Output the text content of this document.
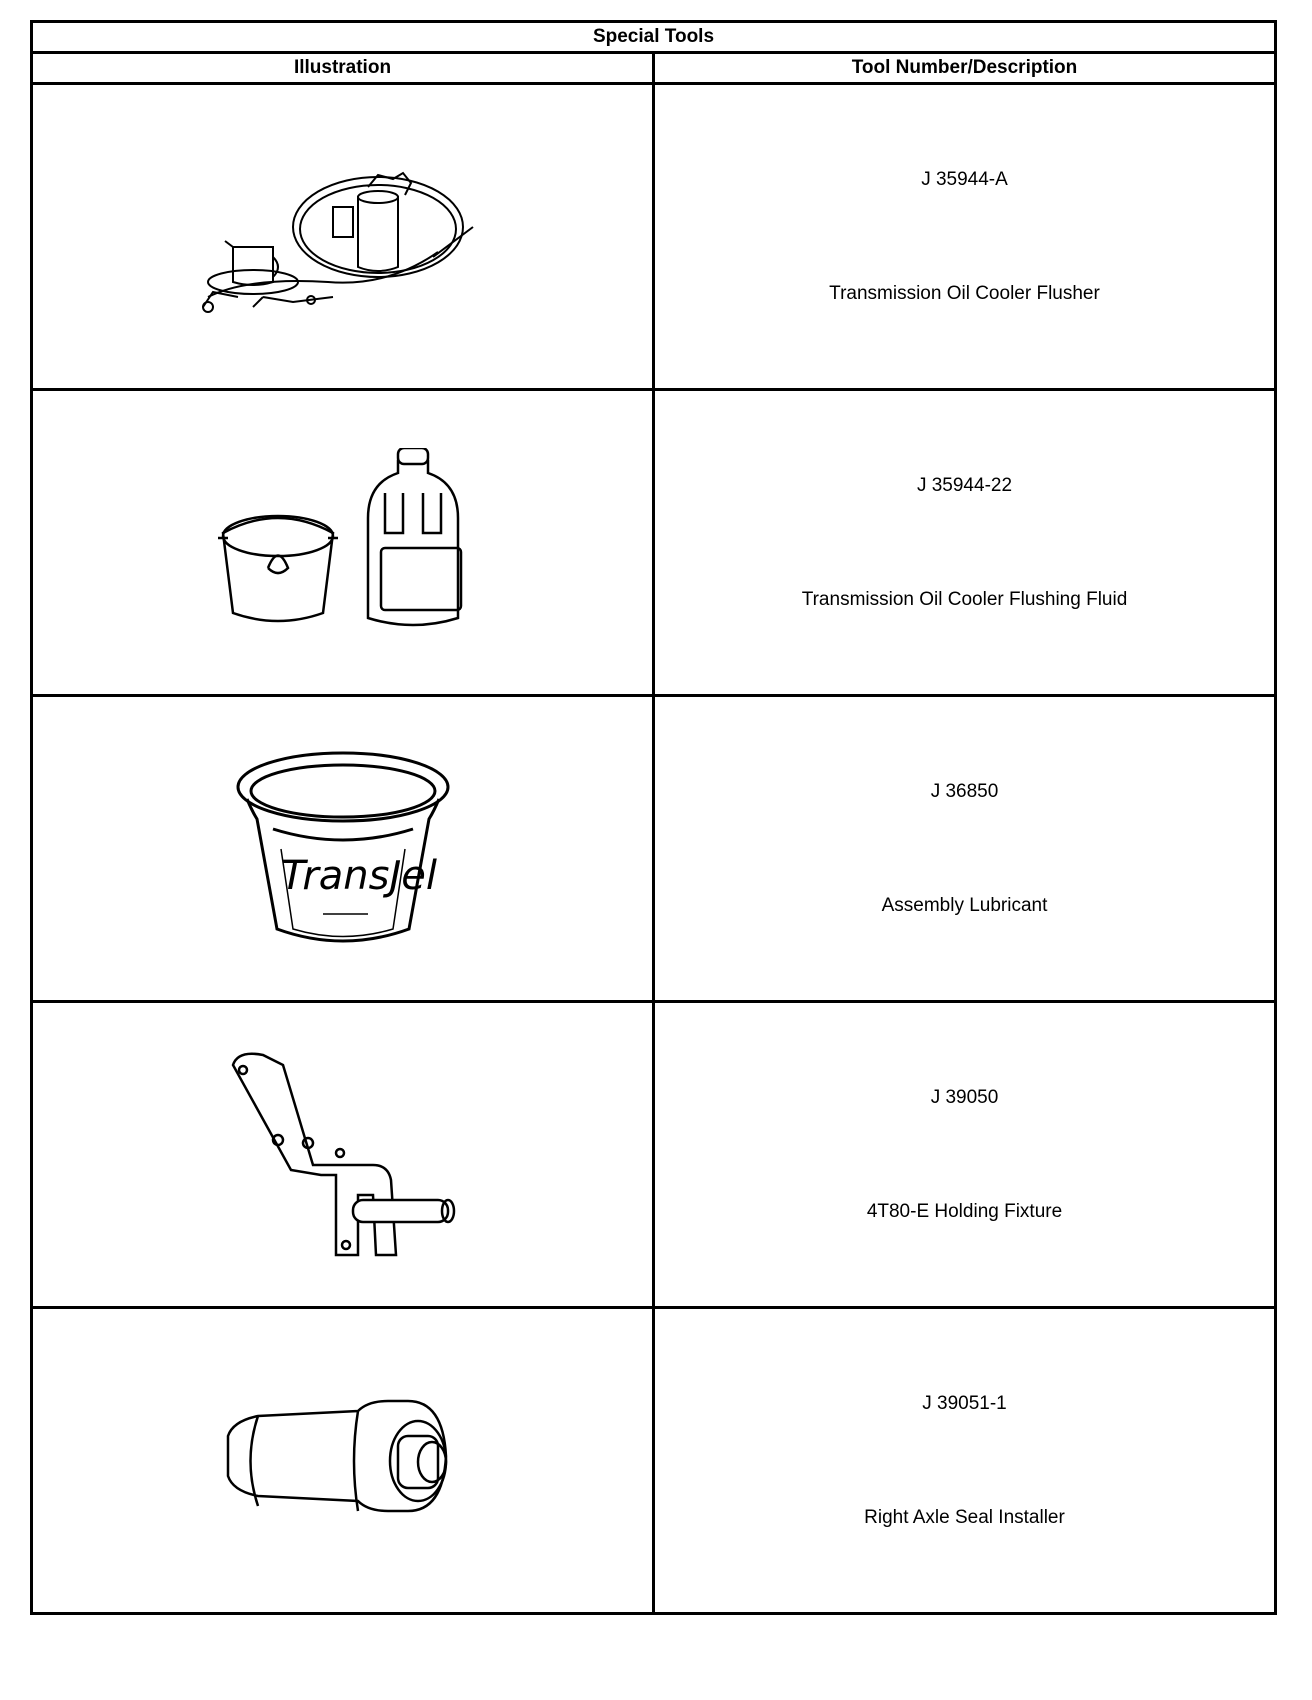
Special Tools	
Illustration	Tool Number/Description

J 35944-A
Transmission Oil Cooler Flusher

J 35944-22
Transmission Oil Cooler Flushing Fluid

TransJel	J 36850
Assembly Lubricant

J 39050
4T80-E Holding Fixture

J 39051-1
Right Axle Seal Installer
